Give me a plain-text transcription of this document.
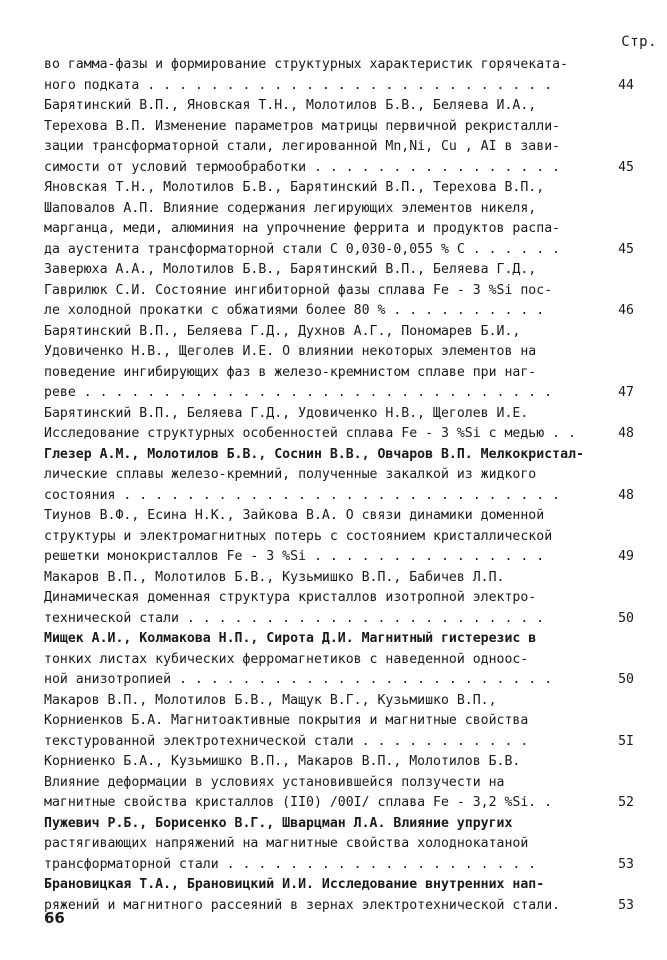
Стр.
во гамма-фазы и формирование структурных характеристик горячеката-
ного подката . . . . . . . . . . . . . . . . . . . . . . . . . .	44
Барятинский В.П., Яновская Т.Н., Молотилов Б.В., Беляева И.А.,
Терехова В.П. Изменение параметров матрицы первичной рекристалли-
зации трансформаторной стали, легированной Mn,Ni, Cu , AI в зави-
симости от условий термообработки . . . . . . . . . . . . . . . .	45
Яновская Т.Н., Молотилов Б.В., Барятинский В.П., Терехова В.П.,
Шаповалов А.П. Влияние содержания легирующих элементов никеля,
марганца, меди, алюминия на упрочнение феррита и продуктов распа-
да аустенита трансформаторной стали С 0,030-0,055 % С . . . . . .	45
Заверюха А.А., Молотилов Б.В., Барятинский В.П., Беляева Г.Д.,
Гаврилюк С.И. Состояние ингибиторной фазы сплава Fe - 3 %Si пос-
ле холодной прокатки с обжатиями более 80 % . . . . . . . . . .	46
Барятинский В.П., Беляева Г.Д., Духнов А.Г., Пономарев Б.И.,
Удовиченко Н.В., Щеголев И.Е. О влиянии некоторых элементов на
поведение ингибирующих фаз в железо-кремнистом сплаве при наг-
реве . . . . . . . . . . . . . . . . . . . . . . . . . . . . . .	47
Барятинский В.П., Беляева Г.Д., Удовиченко Н.В., Щеголев И.Е.
Исследование структурных особенностей сплава Fe - 3 %Si с медью . .	48
Глезер А.М., Молотилов Б.В., Соснин В.В., Овчаров В.П. Мелкокристал-
лические сплавы железо-кремний, полученные закалкой из жидкого
состояния . . . . . . . . . . . . . . . . . . . . . . . . . . . .	48
Тиунов В.Ф., Есина Н.К., Зайкова В.А. О связи динамики доменной
структуры и электромагнитных потерь с состоянием кристаллической
решетки монокристаллов Fe - 3 %Si . . . . . . . . . . . . . . .	49
Макаров В.П., Молотилов Б.В., Кузьмишко В.П., Бабичев Л.П.
Динамическая доменная структура кристаллов изотропной электро-
технической стали . . . . . . . . . . . . . . . . . . . . . . .	50
Мищек А.И., Колмакова Н.П., Сирота Д.И. Магнитный гистерезис в
тонких листах кубических ферромагнетиков с наведенной одноос-
ной анизотропией . . . . . . . . . . . . . . . . . . . . . . . .	50
Макаров В.П., Молотилов Б.В., Мащук В.Г., Кузьмишко В.П.,
Корниенков Б.А. Магнитоактивные покрытия и магнитные свойства
текстурованной электротехнической стали . . . . . . . . . . .	5I
Корниенко Б.А., Кузьмишко В.П., Макаров В.П., Молотилов Б.В.
Влияние деформации в условиях установившейся ползучести на
магнитные свойства кристаллов (II0) /00I/ сплава Fe - 3,2 %Si. .	52
Пужевич Р.Б., Борисенко В.Г., Шварцман Л.А. Влияние упругих
растягивающих напряжений на магнитные свойства холоднокатаной
трансформаторной стали . . . . . . . . . . . . . . . . . . . .	53
Брановицкая Т.А., Брановицкий И.И. Исследование внутренних нап-
ряжений и магнитного рассеяний в зернах электротехнической стали.	53
66
